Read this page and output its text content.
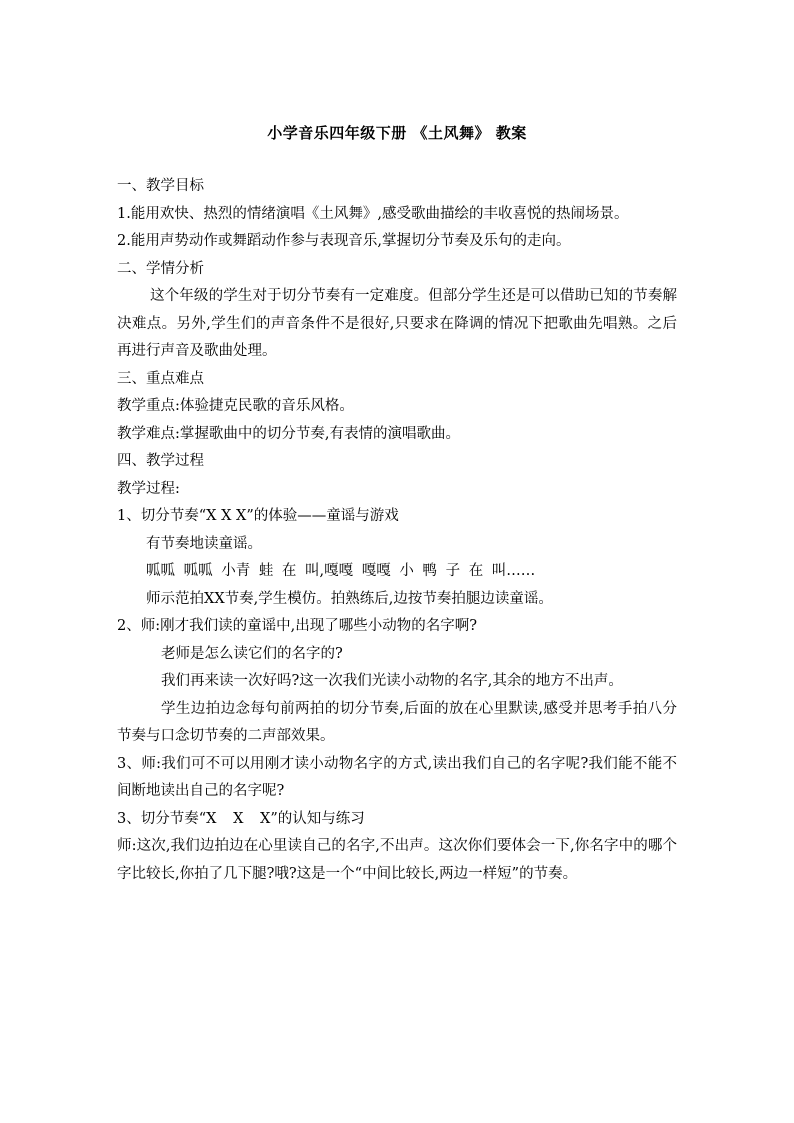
小学音乐四年级下册 《土风舞》 教案
一、教学目标
1.能用欢快、热烈的情绪演唱《土风舞》,感受歌曲描绘的丰收喜悦的热闹场景。
2.能用声势动作或舞蹈动作参与表现音乐,掌握切分节奏及乐句的走向。
二、学情分析
这个年级的学生对于切分节奏有一定难度。但部分学生还是可以借助已知的节奏解决难点。另外,学生们的声音条件不是很好,只要求在降调的情况下把歌曲先唱熟。之后再进行声音及歌曲处理。
三、重点难点
教学重点:体验捷克民歌的音乐风格。
教学难点:掌握歌曲中的切分节奏,有表情的演唱歌曲。
四、教学过程
教学过程:
1、切分节奏“X X X”的体验——童谣与游戏
有节奏地读童谣。
呱呱 呱呱 小青 蛙 在 叫,嘎嘎 嘎嘎 小 鸭 子 在 叫……
师示范拍XX节奏,学生模仿。拍熟练后,边按节奏拍腿边读童谣。
2、师:刚才我们读的童谣中,出现了哪些小动物的名字啊?
老师是怎么读它们的名字的?
我们再来读一次好吗?这一次我们光读小动物的名字,其余的地方不出声。
学生边拍边念每句前两拍的切分节奏,后面的放在心里默读,感受并思考手拍八分节奏与口念切节奏的二声部效果。
3、师:我们可不可以用刚才读小动物名字的方式,读出我们自己的名字呢?我们能不能不间断地读出自己的名字呢?
3、切分节奏“X X X”的认知与练习
师:这次,我们边拍边在心里读自己的名字,不出声。这次你们要体会一下,你名字中的哪个字比较长,你拍了几下腿?哦?这是一个“中间比较长,两边一样短”的节奏。
